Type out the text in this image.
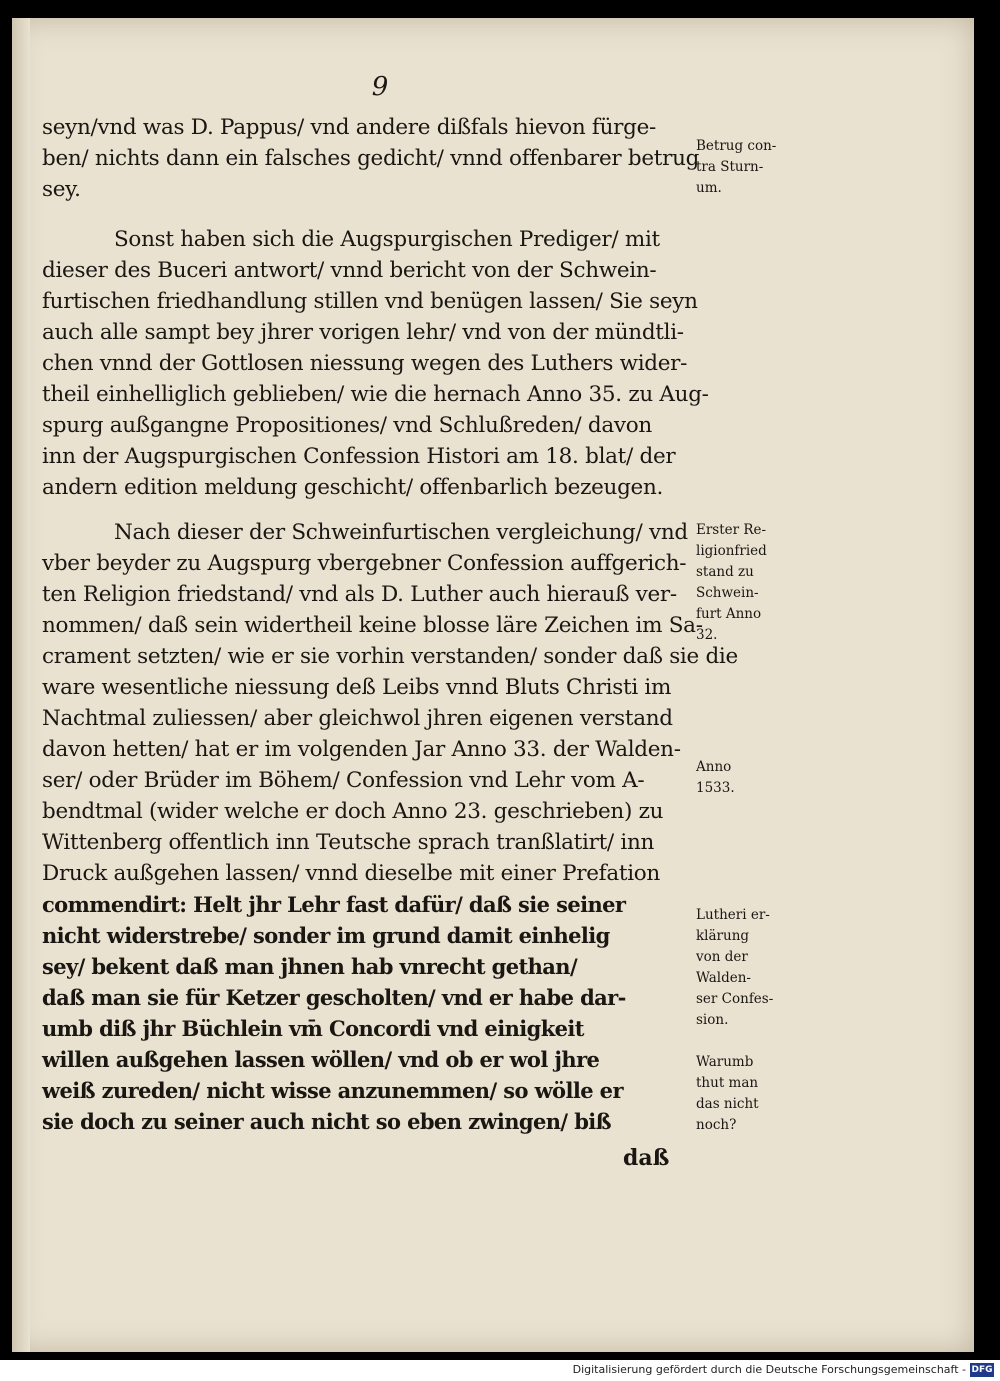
9
seyn/vnd was D. Pappus/ vnd andere dißfals hievon fürge-
ben/ nichts dann ein falsches gedicht/ vnnd offenbarer betrug
sey.
Sonst haben sich die Augspurgischen Prediger/ mit
dieser des Buceri antwort/ vnnd bericht von der Schwein-
furtischen friedhandlung stillen vnd benügen lassen/ Sie seyn
auch alle sampt bey jhrer vorigen lehr/ vnd von der mündtli-
chen vnnd der Gottlosen niessung wegen des Luthers wider-
theil einhelliglich geblieben/ wie die hernach Anno 35. zu Aug-
spurg außgangne Propositiones/ vnd Schlußreden/ davon
inn der Augspurgischen Confession Histori am 18. blat/ der
andern edition meldung geschicht/ offenbarlich bezeugen.
Nach dieser der Schweinfurtischen vergleichung/ vnd
vber beyder zu Augspurg vbergebner Confession auffgerich-
ten Religion friedstand/ vnd als D. Luther auch hierauß ver-
nommen/ daß sein widertheil keine blosse läre Zeichen im Sa-
crament setzten/ wie er sie vorhin verstanden/ sonder daß sie die
ware wesentliche niessung deß Leibs vnnd Bluts Christi im
Nachtmal zuliessen/ aber gleichwol jhren eigenen verstand
davon hetten/ hat er im volgenden Jar Anno 33. der Walden-
ser/ oder Brüder im Böhem/ Confession vnd Lehr vom A-
bendtmal (wider welche er doch Anno 23. geschrieben) zu
Wittenberg offentlich inn Teutsche sprach tranßlatirt/ inn
Druck außgehen lassen/ vnnd dieselbe mit einer Prefation
commendirt: Helt jhr Lehr fast dafür/ daß sie seiner
nicht widerstrebe/ sonder im grund damit einhelig
sey/ bekent daß man jhnen hab vnrecht gethan/
daß man sie für Ketzer gescholten/ vnd er habe dar-
umb diß jhr Büchlein vm̄ Concordi vnd einigkeit
willen außgehen lassen wöllen/ vnd ob er wol jhre
weiß zureden/ nicht wisse anzunemmen/ so wölle er
sie doch zu seiner auch nicht so eben zwingen/ biß
daß
Betrug con-
tra Sturn-
um.
Erster Re-
ligionfried
stand zu
Schwein-
furt Anno
32.
Anno
1533.
Lutheri er-
klärung
von der
Walden-
ser Confes-
sion.
Warumb
thut man
das nicht
noch?
Digitalisierung gefördert durch die Deutsche Forschungsgemeinschaft - DFG
